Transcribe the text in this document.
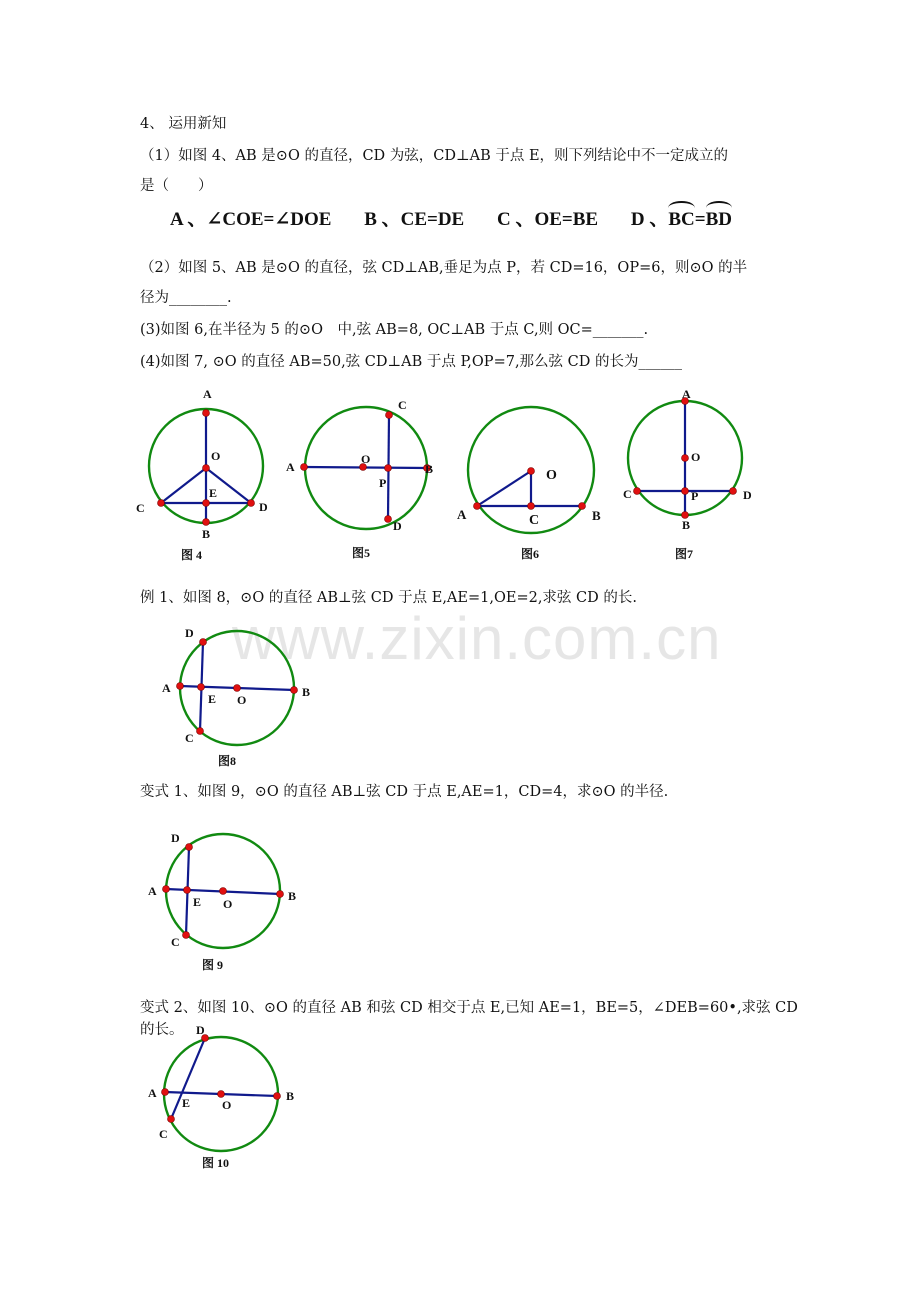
www.zixin.com.cn
4、 运用新知
（1）如图 4、AB 是⊙O 的直径，CD 为弦，CD⊥AB 于点 E，则下列结论中不一定成立的
是（　　）
A 、∠COE=∠DOE B 、CE=DE C 、OE=BE D 、BC=BD
（2）如图 5、AB 是⊙O 的直径，弦 CD⊥AB,垂足为点 P，若 CD=16，OP=6，则⊙O 的半
径为________.
(3)如图 6,在半径为 5 的⊙O　中,弦 AB=8, OC⊥AB 于点 C,则 OC=_______.
(4)如图 7, ⊙O 的直径 AB=50,弦 CD⊥AB 于点 P,OP=7,那么弦 CD 的长为______
A
O
E
C	D
B
图 4
C
A
O
B
P
D
图5
O
A	C	B
图6
A
O
C	P	D
B
图7
例 1、如图 8，⊙O 的直径 AB⊥弦 CD 于点 E,AE=1,OE=2,求弦 CD 的长.
D
A
E O
B
C
图8
变式 1、如图 9，⊙O 的直径 AB⊥弦 CD 于点 E,AE=1，CD=4，求⊙O 的半径.
D
A
E O
B
C
图 9
变式 2、如图 10、⊙O 的直径 AB 和弦 CD 相交于点 E,已知 AE=1，BE=5，∠DEB=60•,求弦 CD
的长。 D
A
E	O
B
C
图 10
